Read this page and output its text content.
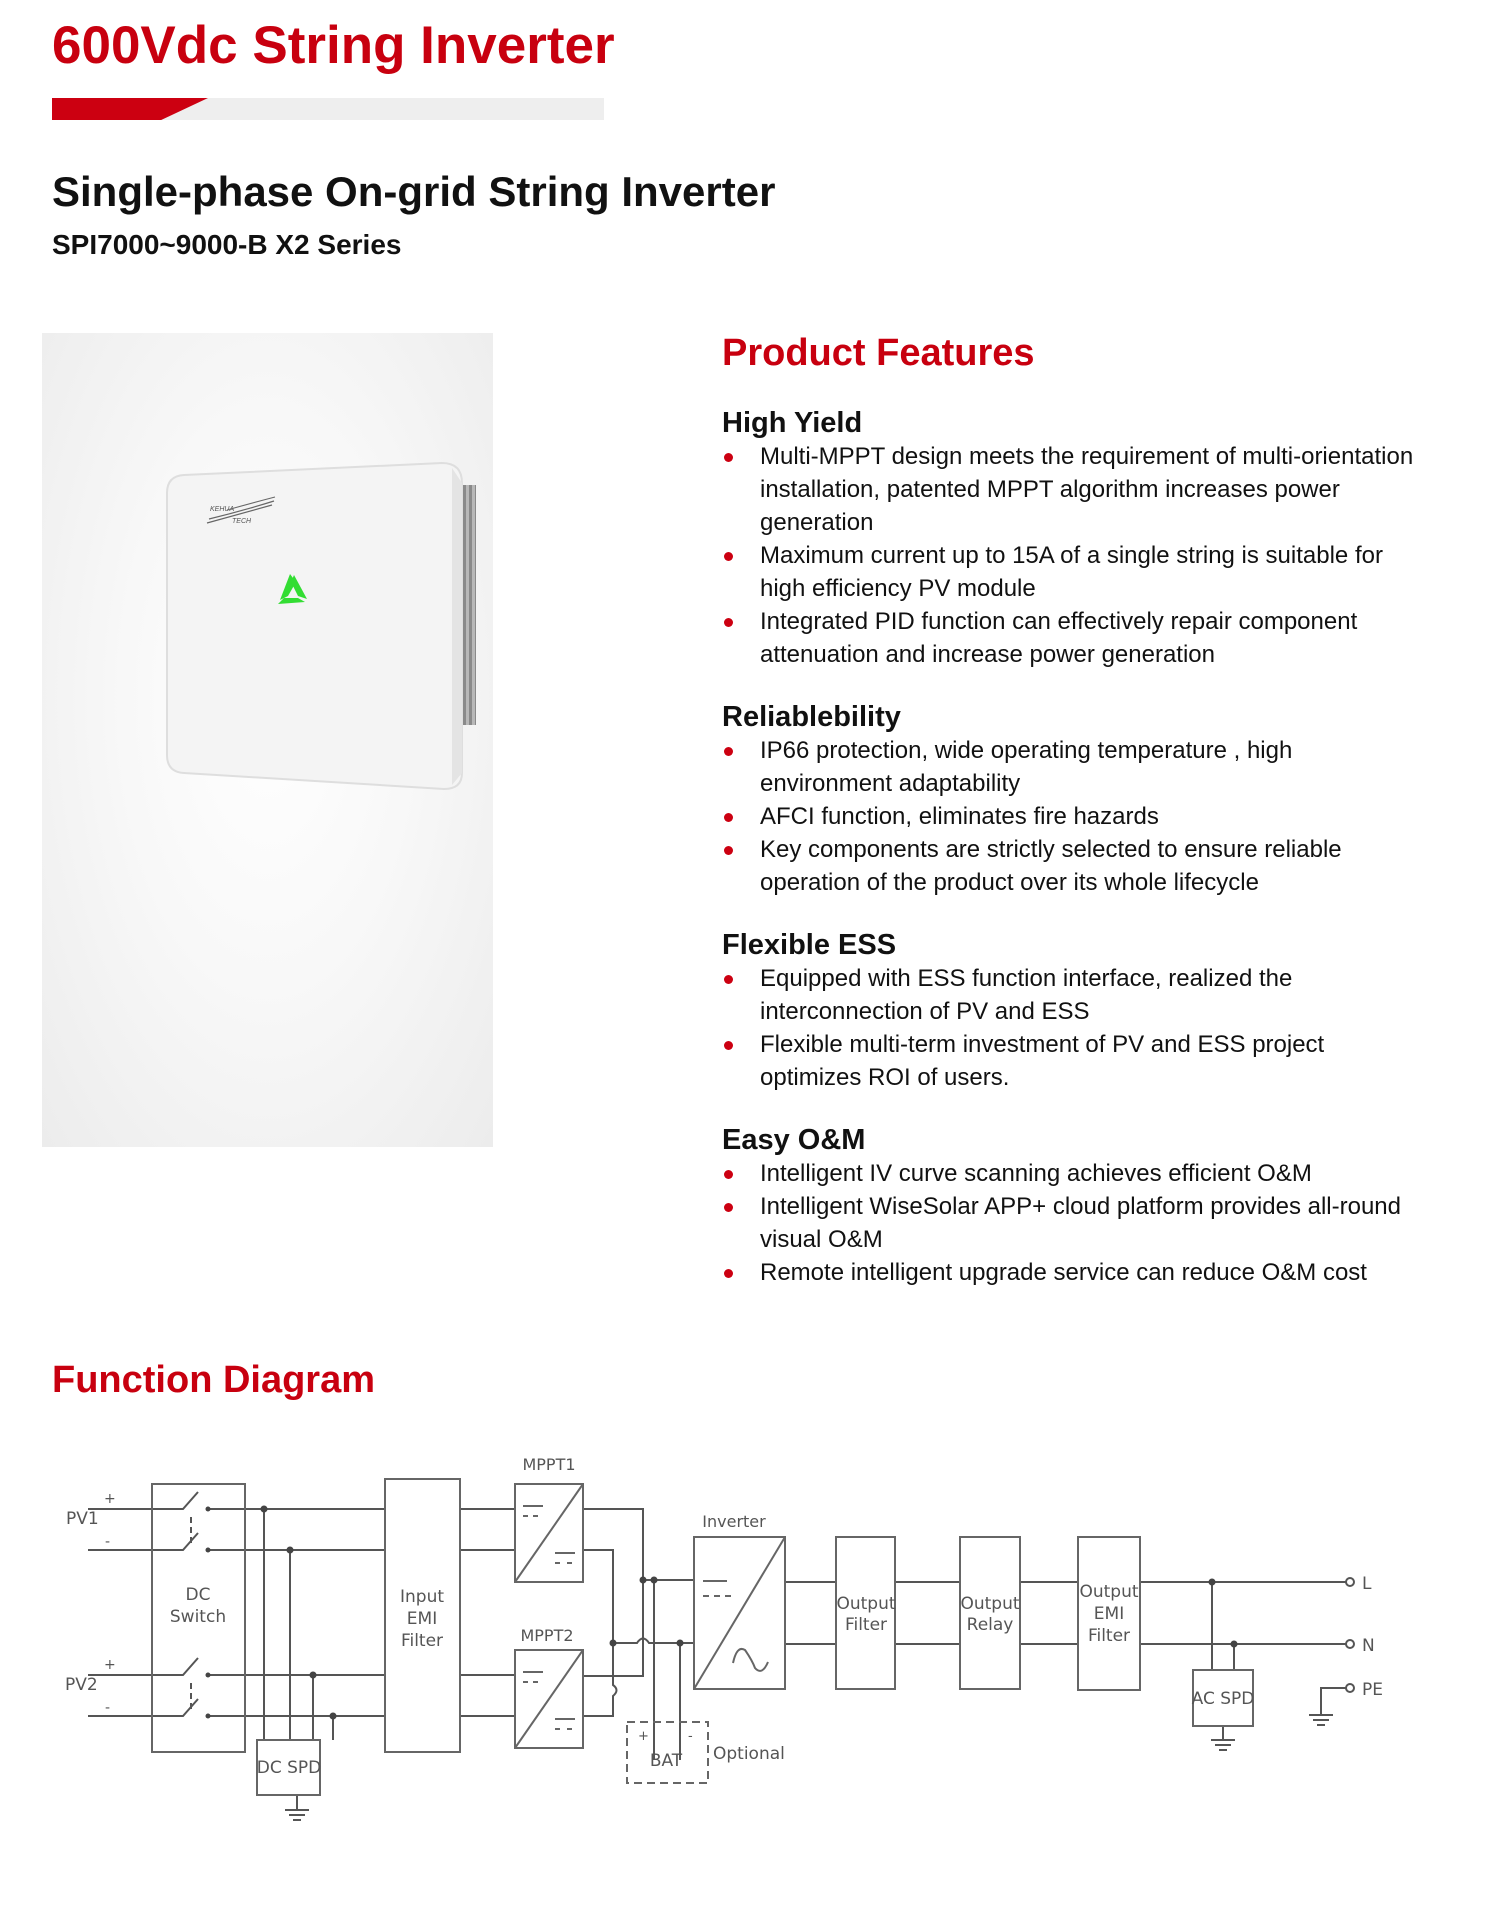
600Vdc String Inverter
Single-phase On-grid String Inverter
SPI7000~9000-B X2 Series
KEHUA
TECH
Product Features
High Yield
Multi-MPPT design meets the requirement of multi-orientation installation, patented MPPT algorithm increases power generation
Maximum current up to 15A of a single string is suitable for high efficiency PV module
Integrated PID function can effectively repair component attenuation and increase power generation
Reliablebility
IP66 protection, wide operating temperature , high environment adaptability
AFCI function, eliminates fire hazards
Key components are strictly selected to ensure reliable operation of the product over its whole lifecycle
Flexible ESS
Equipped with ESS function interface, realized the interconnection of PV and ESS
Flexible multi-term investment of PV and ESS project optimizes ROI of users.
Easy O&M
Intelligent IV curve scanning achieves efficient O&M
Intelligent WiseSolar APP+ cloud platform provides all-round visual O&M
Remote intelligent upgrade service can reduce O&M cost
Function Diagram
PV1
+
-
PV2
+
-
DC
Switch
DC SPD
Input
EMI
Filter
MPPT1
MPPT2
Inverter
+	-
BAT Optional
Output
Filter
Output
Relay
Output
EMI
Filter
AC SPD
L
N
PE
